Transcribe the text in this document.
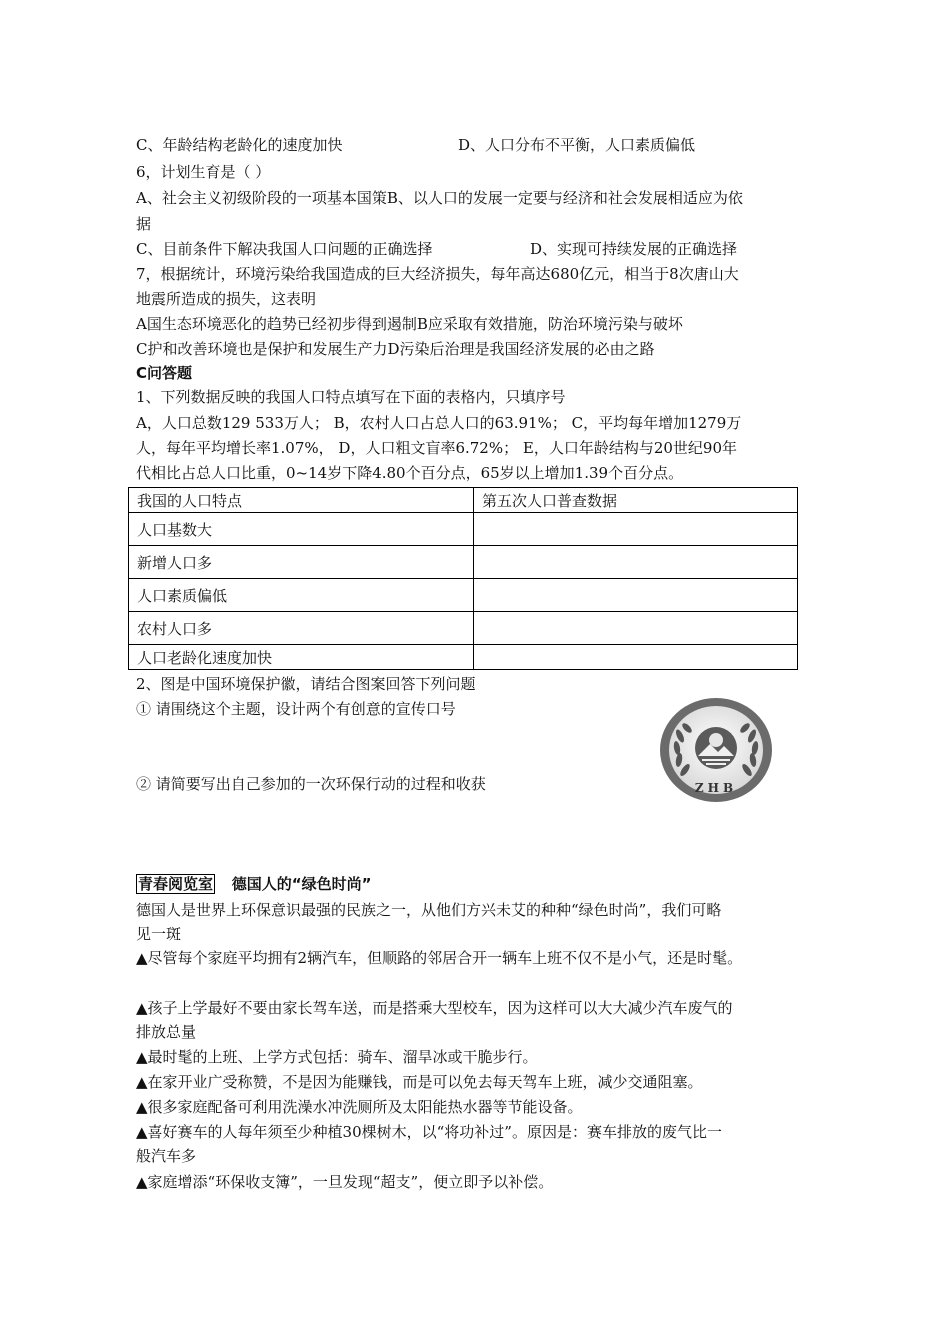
C、年龄结构老龄化的速度加快	D、人口分布不平衡，人口素质偏低
6，计划生育是（ ）
A、社会主义初级阶段的一项基本国策B、以人口的发展一定要与经济和社会发展相适应为依
据
C、目前条件下解决我国人口问题的正确选择	D、实现可持续发展的正确选择
7，根据统计，环境污染给我国造成的巨大经济损失，每年高达680亿元，相当于8次唐山大
地震所造成的损失，这表明
A国生态环境恶化的趋势已经初步得到遏制B应采取有效措施，防治环境污染与破坏
C护和改善环境也是保护和发展生产力D污染后治理是我国经济发展的必由之路
C问答题
1、下列数据反映的我国人口特点填写在下面的表格内，只填序号
A，人口总数129 533万人； B，农村人口占总人口的63.91%； C，平均每年增加1279万
人，每年平均增长率1.07%， D，人口粗文盲率6.72%； E，人口年龄结构与20世纪90年
代相比占总人口比重，0~14岁下降4.80个百分点，65岁以上增加1.39个百分点。
我国的人口特点	第五次人口普查数据
人口基数大	
新增人口多	
人口素质偏低	
农村人口多	
人口老龄化速度加快	
2、图是中国环境保护徽，请结合图案回答下列问题
① 请围绕这个主题，设计两个有创意的宣传口号
② 请简要写出自己参加的一次环保行动的过程和收获	ZHB
青春阅览室 德国人的“绿色时尚”
德国人是世界上环保意识最强的民族之一，从他们方兴未艾的种种“绿色时尚”，我们可略
见一斑
▲尽管每个家庭平均拥有2辆汽车，但顺路的邻居合开一辆车上班不仅不是小气，还是时髦。
▲孩子上学最好不要由家长驾车送，而是搭乘大型校车，因为这样可以大大减少汽车废气的
排放总量
▲最时髦的上班、上学方式包括：骑车、溜旱冰或干脆步行。
▲在家开业广受称赞，不是因为能赚钱，而是可以免去每天驾车上班，减少交通阻塞。
▲很多家庭配备可利用洗澡水冲洗厕所及太阳能热水器等节能设备。
▲喜好赛车的人每年须至少种植30棵树木，以“将功补过”。原因是：赛车排放的废气比一
般汽车多
▲家庭增添“环保收支簿”，一旦发现“超支”，便立即予以补偿。
